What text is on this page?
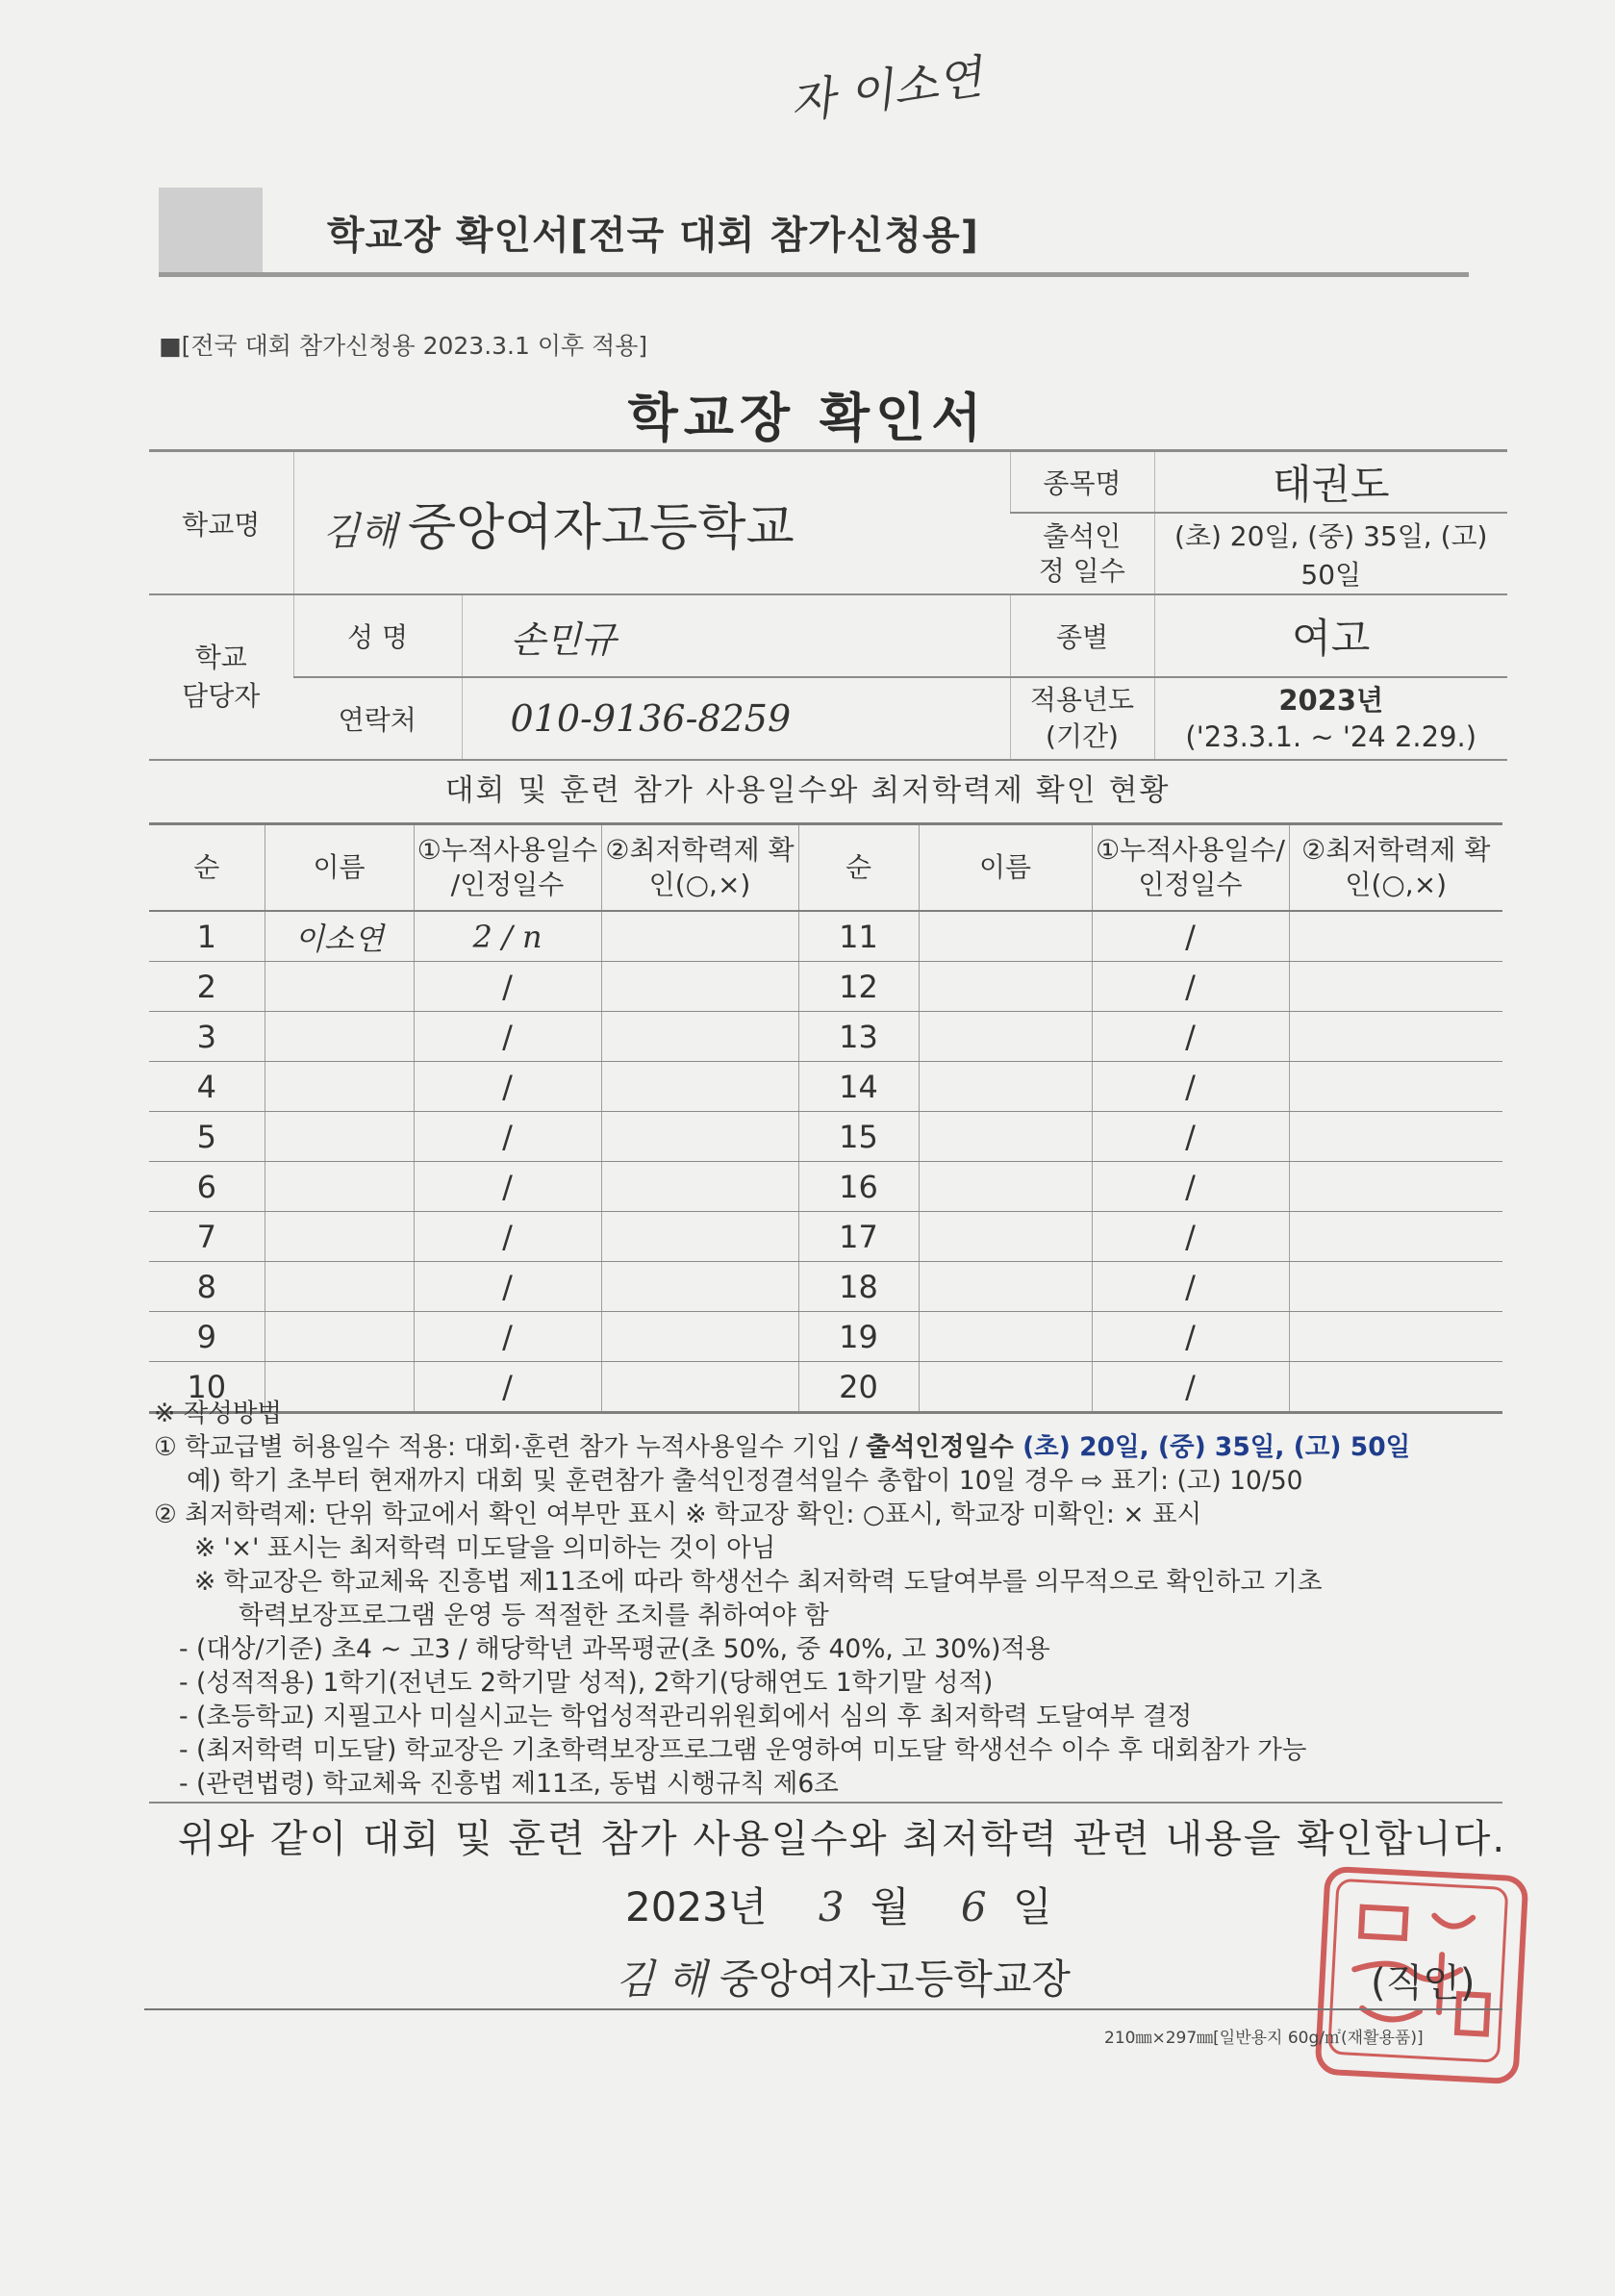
자 이소연
학교장 확인서[전국 대회 참가신청용]
■[전국 대회 참가신청용 2023.3.1 이후 적용]
학교장 확인서
학교명	김해 중앙여자고등학교		종목명	태권도
			출석인정 일수	(초) 20일, (중) 35일, (고) 50일
학교 담당자	성 명	손민규	종별	여고
	연락처	010-9136-8259	적용년도 (기간)	2023년
('23.3.1. ~ '24 2.29.)
대회 및 훈련 참가 사용일수와 최저학력제 확인 현황
순	이름	①누적사용일수 /인정일수	②최저학력제 확인(○,×)	순	이름	①누적사용일수/ 인정일수	②최저학력제 확인(○,×)
1	이소연	2 / n		11		/	
2		/		12		/	
3		/		13		/	
4		/		14		/	
5		/		15		/	
6		/		16		/	
7		/		17		/	
8		/		18		/	
9		/		19		/	
10		/		20		/	
※ 작성방법
① 학교급별 허용일수 적용: 대회·훈련 참가 누적사용일수 기입 / 출석인정일수 (초) 20일, (중) 35일, (고) 50일
예) 학기 초부터 현재까지 대회 및 훈련참가 출석인정결석일수 총합이 10일 경우 ⇨ 표기: (고) 10/50
② 최저학력제: 단위 학교에서 확인 여부만 표시 ※ 학교장 확인: ○표시, 학교장 미확인: × 표시
※ '×' 표시는 최저학력 미도달을 의미하는 것이 아님
※ 학교장은 학교체육 진흥법 제11조에 따라 학생선수 최저학력 도달여부를 의무적으로 확인하고 기초
학력보장프로그램 운영 등 적절한 조치를 취하여야 함
- (대상/기준) 초4 ~ 고3 / 해당학년 과목평균(초 50%, 중 40%, 고 30%)적용
- (성적적용) 1학기(전년도 2학기말 성적), 2학기(당해연도 1학기말 성적)
- (초등학교) 지필고사 미실시교는 학업성적관리위원회에서 심의 후 최저학력 도달여부 결정
- (최저학력 미도달) 학교장은 기초학력보장프로그램 운영하여 미도달 학생선수 이수 후 대회참가 가능
- (관련법령) 학교체육 진흥법 제11조, 동법 시행규칙 제6조
위와 같이 대회 및 훈련 참가 사용일수와 최저학력 관련 내용을 확인합니다.
2023년 3 월 6 일
김 해 중앙여자고등학교장	(직인)
210㎜×297㎜[일반용지 60g/㎡(재활용품)]
